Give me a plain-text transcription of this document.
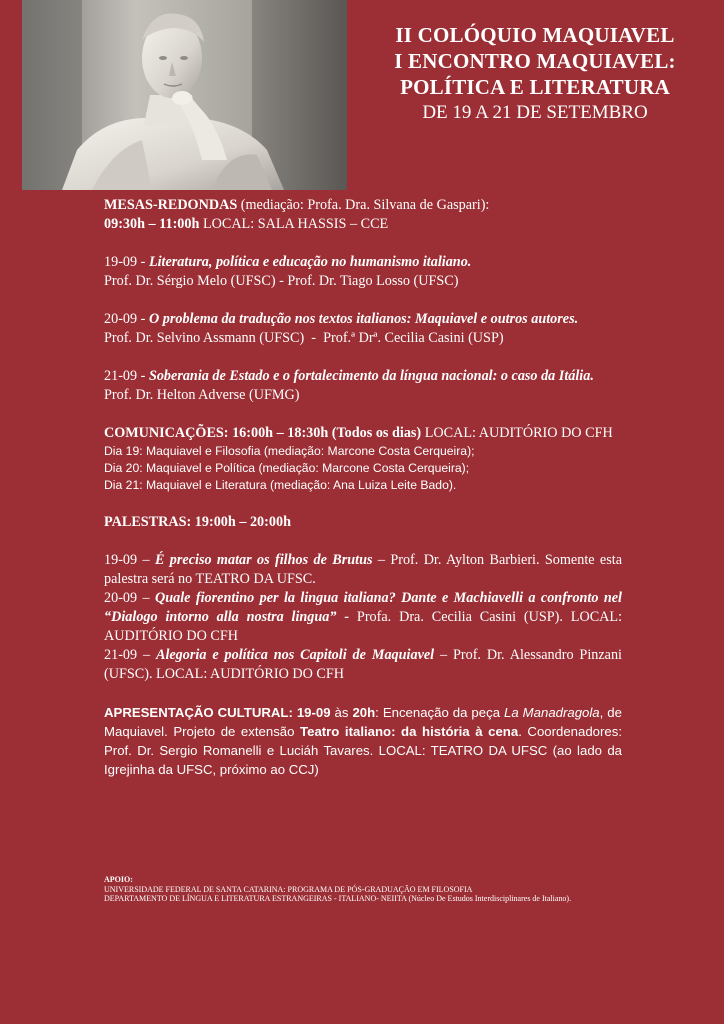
II COLÓQUIO MAQUIAVEL
I ENCONTRO MAQUIAVEL:
POLÍTICA E LITERATURA
DE 19 A 21 DE SETEMBRO

MESAS-REDONDAS (mediação: Profa. Dra. Silvana de Gaspari):

09:30h – 11:00h LOCAL: SALA HASSIS – CCE

19-09 - Literatura, política e educação no humanismo italiano.

Prof. Dr. Sérgio Melo (UFSC) - Prof. Dr. Tiago Losso (UFSC)

20-09 - O problema da tradução nos textos italianos: Maquiavel e outros autores.

Prof. Dr. Selvino Assmann (UFSC)  -  Prof.ª Drª. Cecilia Casini (USP)

21-09 - Soberania de Estado e o fortalecimento da língua nacional: o caso da Itália.

Prof. Dr. Helton Adverse (UFMG)

COMUNICAÇÕES: 16:00h – 18:30h (Todos os dias) LOCAL: AUDITÓRIO DO CFH

Dia 19: Maquiavel e Filosofia (mediação: Marcone Costa Cerqueira);

Dia 20: Maquiavel e Política (mediação: Marcone Costa Cerqueira);

Dia 21: Maquiavel e Literatura (mediação: Ana Luiza Leite Bado).

PALESTRAS: 19:00h – 20:00h

19-09 – É preciso matar os filhos de Brutus – Prof. Dr. Aylton Barbieri. Somente esta palestra será no TEATRO DA UFSC.

20-09 – Quale fiorentino per la lingua italiana? Dante e Machiavelli a confronto nel “Dialogo intorno alla nostra lingua” - Profa. Dra. Cecilia Casini (USP). LOCAL: AUDITÓRIO DO CFH

21-09 – Alegoria e política nos Capitoli de Maquiavel – Prof. Dr. Alessandro Pinzani (UFSC). LOCAL: AUDITÓRIO DO CFH

APRESENTAÇÃO CULTURAL: 19-09 às 20h: Encenação da peça La Manadragola, de Maquiavel. Projeto de extensão Teatro italiano: da história à cena. Coordenadores: Prof. Dr. Sergio Romanelli e Luciáh Tavares. LOCAL: TEATRO DA UFSC (ao lado da Igrejinha da UFSC, próximo ao CCJ)

APOIO:

UNIVERSIDADE FEDERAL DE SANTA CATARINA: PROGRAMA DE PÓS-GRADUAÇÃO EM FILOSOFIA

DEPARTAMENTO DE LÍNGUA E LITERATURA ESTRANGEIRAS - ITALIANO- NEIITA (Núcleo De Estudos Interdisciplinares de Italiano).
